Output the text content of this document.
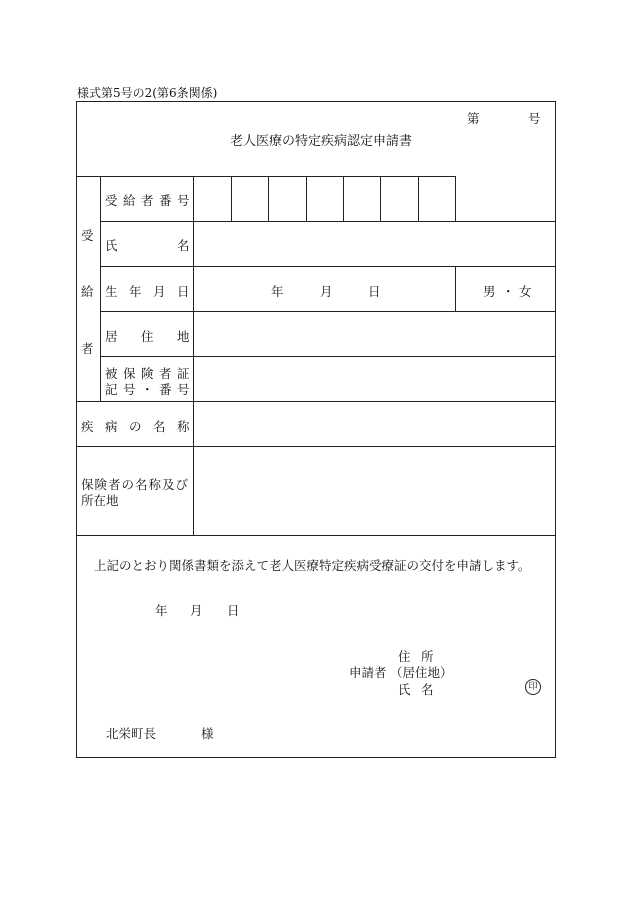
様式第5号の2(第6条関係)
第	号
老人医療の特定疾病認定申請書
受
給
者
受 給 者 番 号
氏	名
生 年 月 日	年	月	日	男 ・ 女
居 住 地
被 保 険 者 証
記 号 ・ 番 号
疾 病 の 名 称
保険者の名称及び
所在地
上記のとおり関係書類を添えて老人医療特定疾病受療証の交付を申請します。
年 月 日
住 所
申請者 （居住地）
氏 名	印
北栄町長	様
